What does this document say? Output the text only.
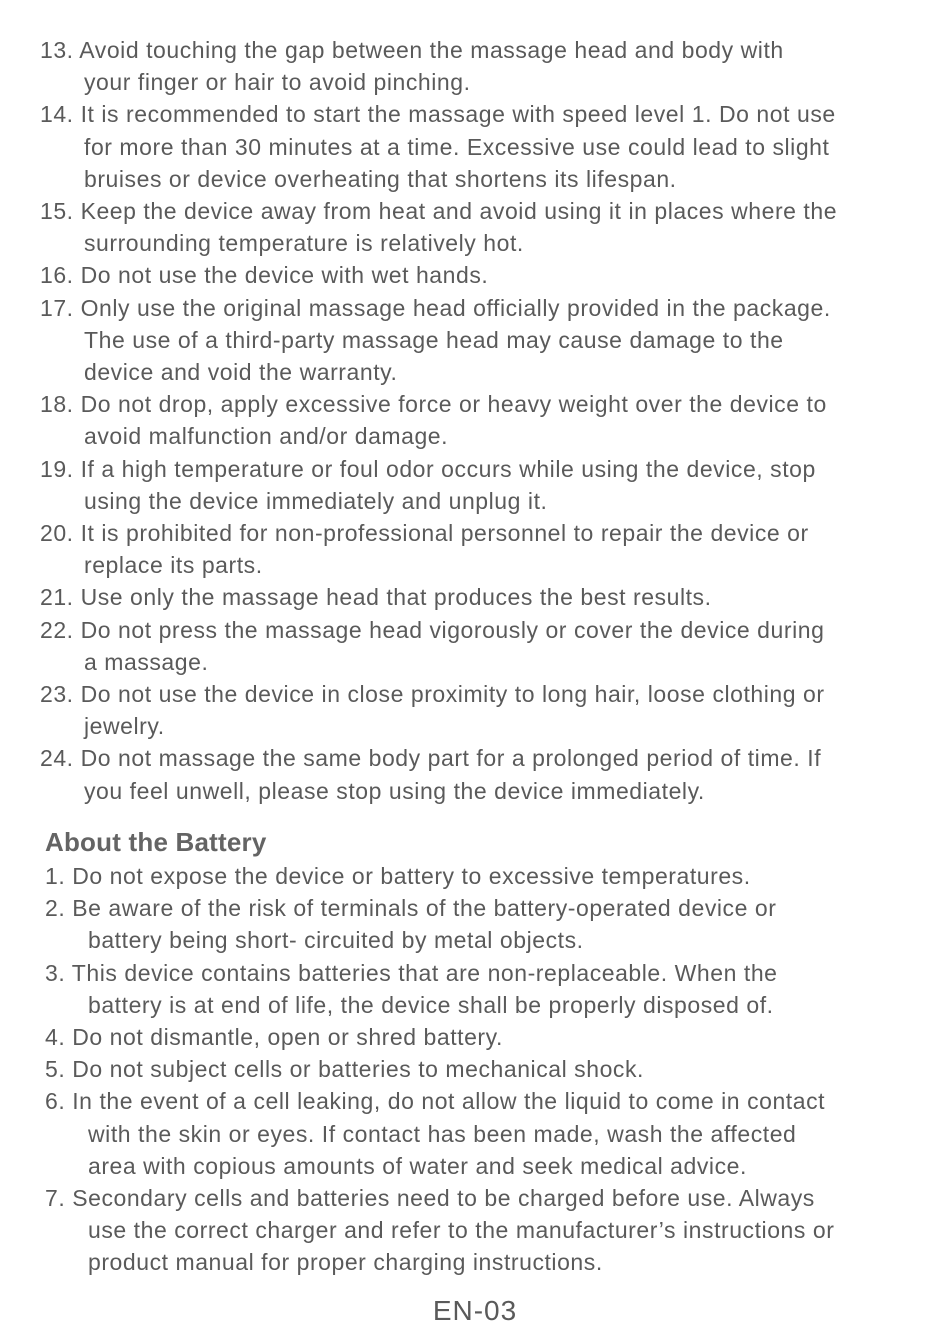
13. Avoid touching the gap between the massage head and body with
your finger or hair to avoid pinching.
14. It is recommended to start the massage with speed level 1. Do not use
for more than 30 minutes at a time. Excessive use could lead to slight
bruises or device overheating that shortens its lifespan.
15. Keep the device away from heat and avoid using it in places where the
surrounding temperature is relatively hot.
16. Do not use the device with wet hands.
17. Only use the original massage head officially provided in the package.
The use of a third-party massage head may cause damage to the
device and void the warranty.
18. Do not drop, apply excessive force or heavy weight over the device to
avoid malfunction and/or damage.
19. If a high temperature or foul odor occurs while using the device, stop
using the device immediately and unplug it.
20. It is prohibited for non-professional personnel to repair the device or
replace its parts.
21. Use only the massage head that produces the best results.
22. Do not press the massage head vigorously or cover the device during
a massage.
23. Do not use the device in close proximity to long hair, loose clothing or
jewelry.
24. Do not massage the same body part for a prolonged period of time. If
you feel unwell, please stop using the device immediately.
About the Battery
1. Do not expose the device or battery to excessive temperatures.
2. Be aware of the risk of terminals of the battery-operated device or
battery being short- circuited by metal objects.
3. This device contains batteries that are non-replaceable. When the
battery is at end of life, the device shall be properly disposed of.
4. Do not dismantle, open or shred battery.
5. Do not subject cells or batteries to mechanical shock.
6. In the event of a cell leaking, do not allow the liquid to come in contact
with the skin or eyes. If contact has been made, wash the affected
area with copious amounts of water and seek medical advice.
7. Secondary cells and batteries need to be charged before use. Always
use the correct charger and refer to the manufacturer’s instructions or
product manual for proper charging instructions.
EN-03
